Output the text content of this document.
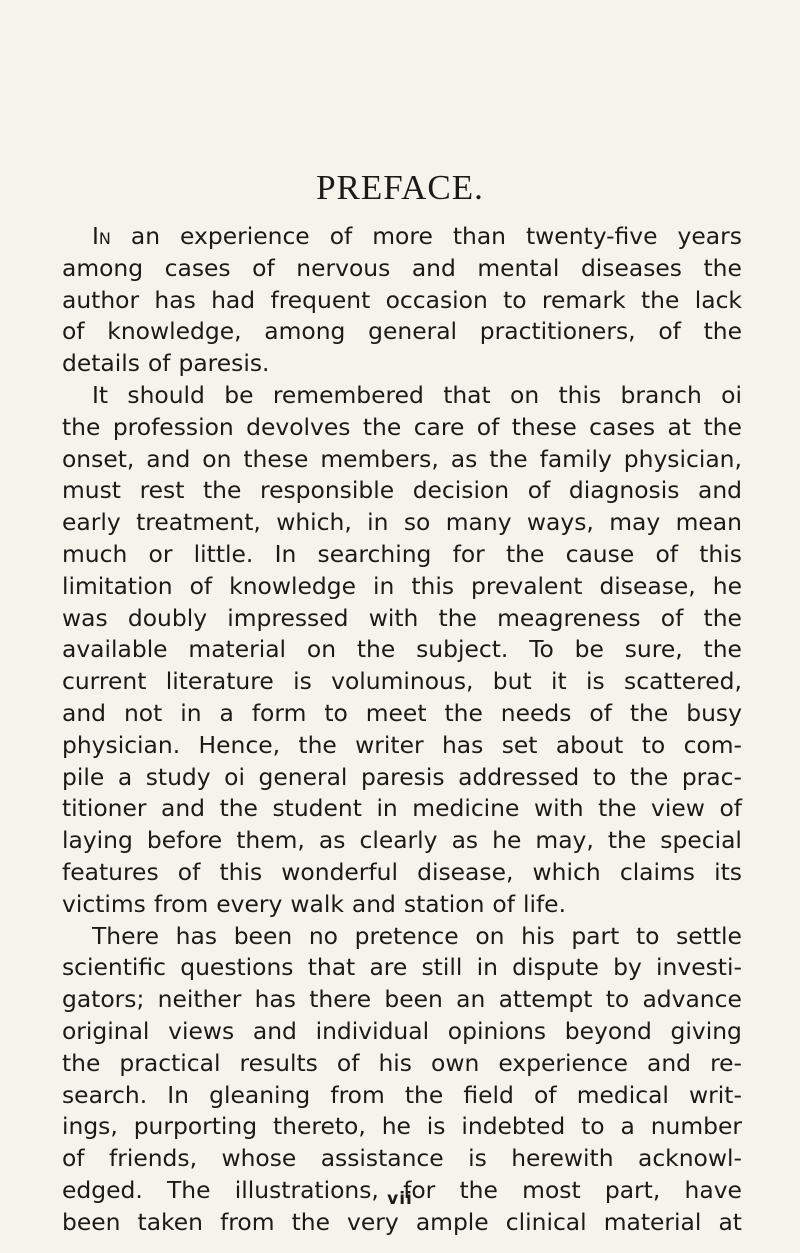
PREFACE.
In an experience of more than twenty-five years
among cases of nervous and mental diseases the
author has had frequent occasion to remark the lack
of knowledge, among general practitioners, of the
details of paresis.
It should be remembered that on this branch oi
the profession devolves the care of these cases at the
onset, and on these members, as the family physician,
must rest the responsible decision of diagnosis and
early treatment, which, in so many ways, may mean
much or little. In searching for the cause of this
limitation of knowledge in this prevalent disease, he
was doubly impressed with the meagreness of the
available material on the subject. To be sure, the
current literature is voluminous, but it is scattered,
and not in a form to meet the needs of the busy
physician. Hence, the writer has set about to com-
pile a study oi general paresis addressed to the prac-
titioner and the student in medicine with the view of
laying before them, as clearly as he may, the special
features of this wonderful disease, which claims its
victims from every walk and station of life.
There has been no pretence on his part to settle
scientific questions that are still in dispute by investi-
gators; neither has there been an attempt to advance
original views and individual opinions beyond giving
the practical results of his own experience and re-
search. In gleaning from the field of medical writ-
ings, purporting thereto, he is indebted to a number
of friends, whose assistance is herewith acknowl-
edged. The illustrations, for the most part, have
been taken from the very ample clinical material at
vii
